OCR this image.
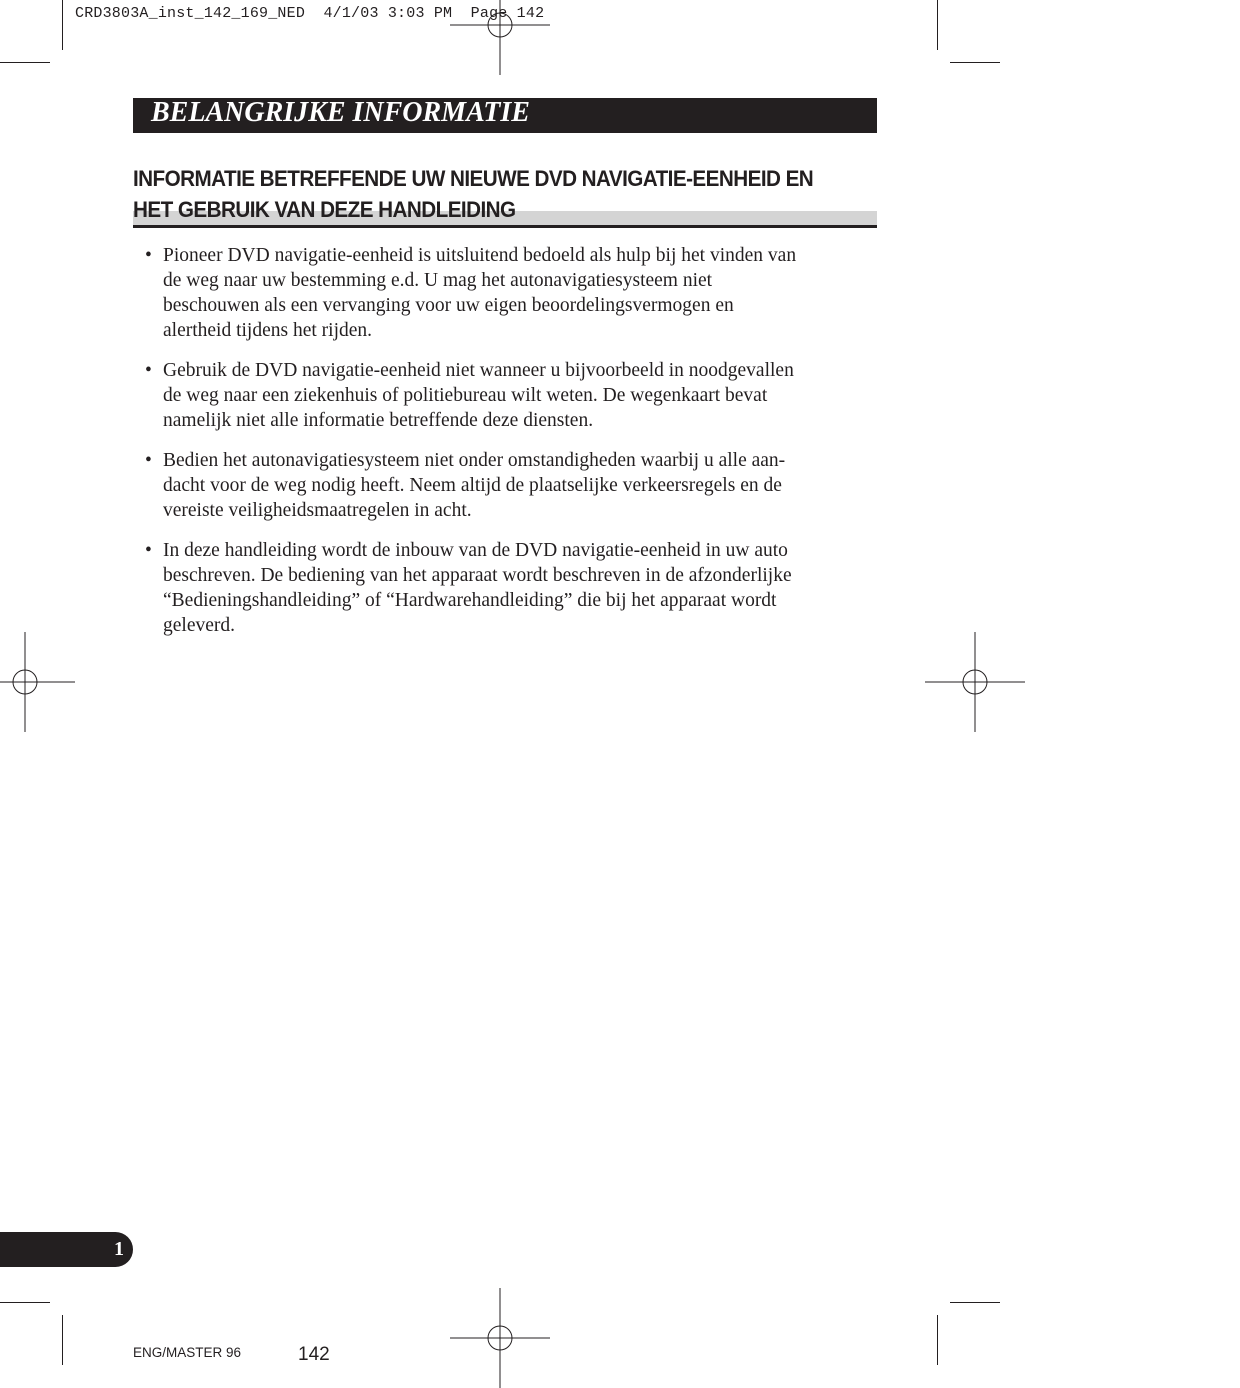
CRD3803A_inst_142_169_NED  4/1/03 3:03 PM  Page 142
BELANGRIJKE INFORMATIE
INFORMATIE BETREFFENDE UW NIEUWE DVD NAVIGATIE-EENHEID EN
HET GEBRUIK VAN DEZE HANDLEIDING
• Pioneer DVD navigatie-eenheid is uitsluitend bedoeld als hulp bij het vinden van
de weg naar uw bestemming e.d. U mag het autonavigatiesysteem niet
beschouwen als een vervanging voor uw eigen beoordelingsvermogen en
alertheid tijdens het rijden.
• Gebruik de DVD navigatie-eenheid niet wanneer u bijvoorbeeld in noodgevallen
de weg naar een ziekenhuis of politiebureau wilt weten. De wegenkaart bevat
namelijk niet alle informatie betreffende deze diensten.
• Bedien het autonavigatiesysteem niet onder omstandigheden waarbij u alle aan-
dacht voor de weg nodig heeft. Neem altijd de plaatselijke verkeersregels en de
vereiste veiligheidsmaatregelen in acht.
• In deze handleiding wordt de inbouw van de DVD navigatie-eenheid in uw auto
beschreven. De bediening van het apparaat wordt beschreven in de afzonderlijke
“Bedieningshandleiding” of “Hardwarehandleiding” die bij het apparaat wordt
geleverd.
1
ENG/MASTER 96	142
